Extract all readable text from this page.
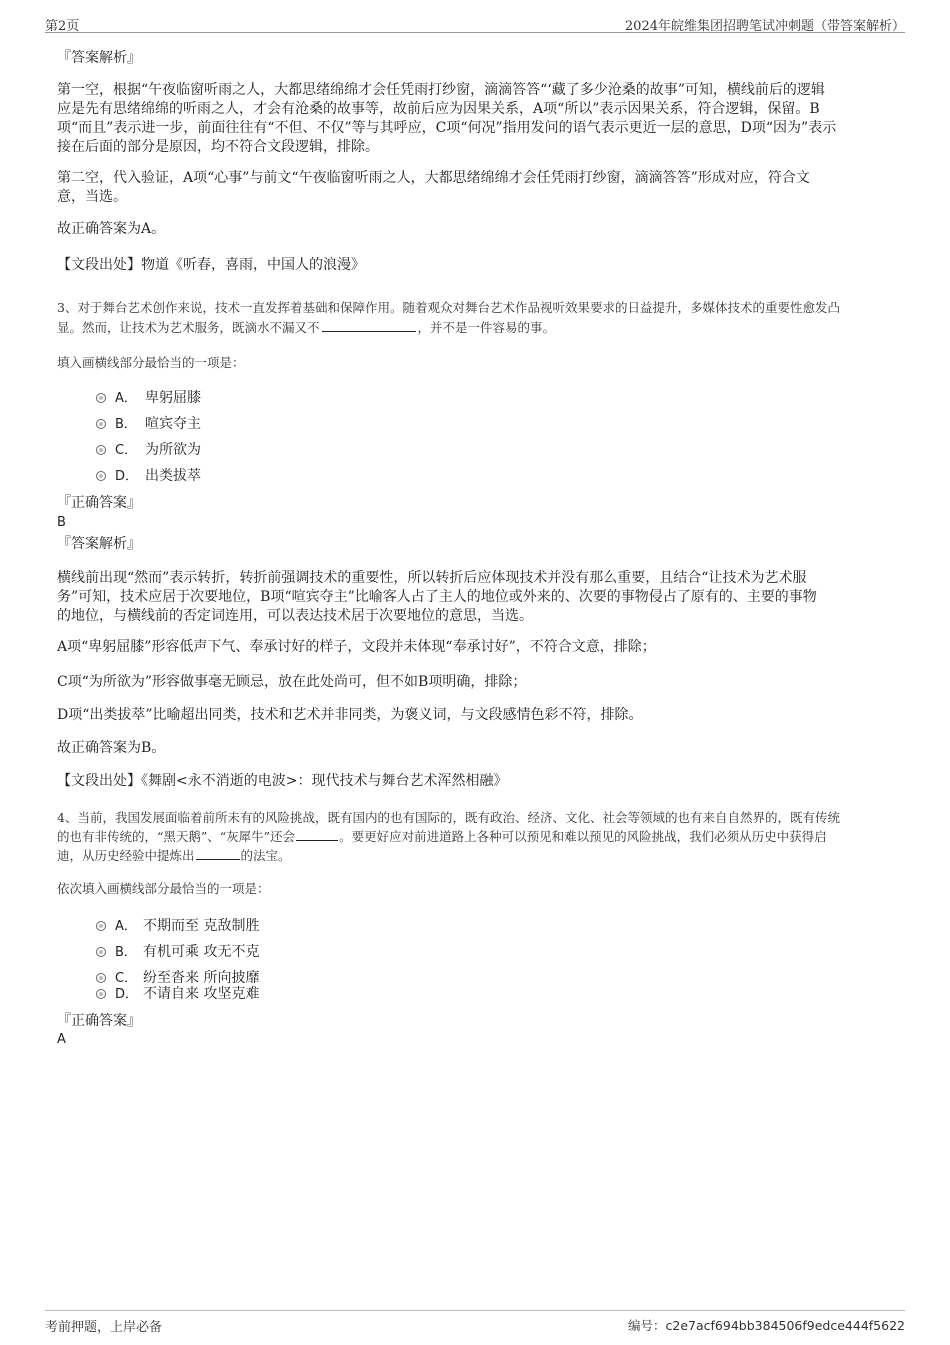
第2页	2024年皖维集团招聘笔试冲刺题（带答案解析）
『答案解析』
第一空，根据“午夜临窗听雨之人，大都思绪绵绵才会任凭雨打纱窗，滴滴答答“‘藏了多少沧桑的故事”可知，横线前后的逻辑
应是先有思绪绵绵的听雨之人，才会有沧桑的故事等，故前后应为因果关系，A项“所以”表示因果关系，符合逻辑，保留。B
项“而且”表示进一步，前面往往有“不但、不仅”等与其呼应，C项“何况”指用发问的语气表示更近一层的意思，D项“因为”表示
接在后面的部分是原因，均不符合文段逻辑，排除。
第二空，代入验证，A项“心事”与前文“午夜临窗听雨之人，大都思绪绵绵才会任凭雨打纱窗，滴滴答答”形成对应，符合文
意，当选。
故正确答案为A。
【文段出处】物道《听春，喜雨，中国人的浪漫》
3、对于舞台艺术创作来说，技术一直发挥着基础和保障作用。随着观众对舞台艺术作品视听效果要求的日益提升，多媒体技术的重要性愈发凸
显。然而，让技术为艺术服务，既滴水不漏又不	，并不是一件容易的事。
填入画横线部分最恰当的一项是：
A． 卑躬屈膝
B． 喧宾夺主
C． 为所欲为
D． 出类拔萃
『正确答案』
B
『答案解析』
横线前出现“然而”表示转折，转折前强调技术的重要性，所以转折后应体现技术并没有那么重要，且结合“让技术为艺术服
务”可知，技术应居于次要地位，B项“喧宾夺主”比喻客人占了主人的地位或外来的、次要的事物侵占了原有的、主要的事物
的地位，与横线前的否定词连用，可以表达技术居于次要地位的意思，当选。
A项“卑躬屈膝”形容低声下气、奉承讨好的样子，文段并未体现“奉承讨好”，不符合文意，排除；
C项“为所欲为”形容做事毫无顾忌，放在此处尚可，但不如B项明确，排除；
D项“出类拔萃”比喻超出同类，技术和艺术并非同类，为褒义词，与文段感情色彩不符，排除。
故正确答案为B。
【文段出处】《舞剧<永不消逝的电波>：现代技术与舞台艺术浑然相融》
4、当前，我国发展面临着前所未有的风险挑战，既有国内的也有国际的，既有政治、经济、文化、社会等领域的也有来自自然界的，既有传统
的也有非传统的，“黑天鹅”、“灰犀牛”还会	。要更好应对前进道路上各种可以预见和难以预见的风险挑战，我们必须从历史中获得启
迪，从历史经验中提炼出	的法宝。
依次填入画横线部分最恰当的一项是：
A． 不期而至 克敌制胜
B． 有机可乘 攻无不克
C． 纷至沓来 所向披靡
D． 不请自来 攻坚克难
『正确答案』
A
考前押题，上岸必备	编号：c2e7acf694bb384506f9edce444f5622
